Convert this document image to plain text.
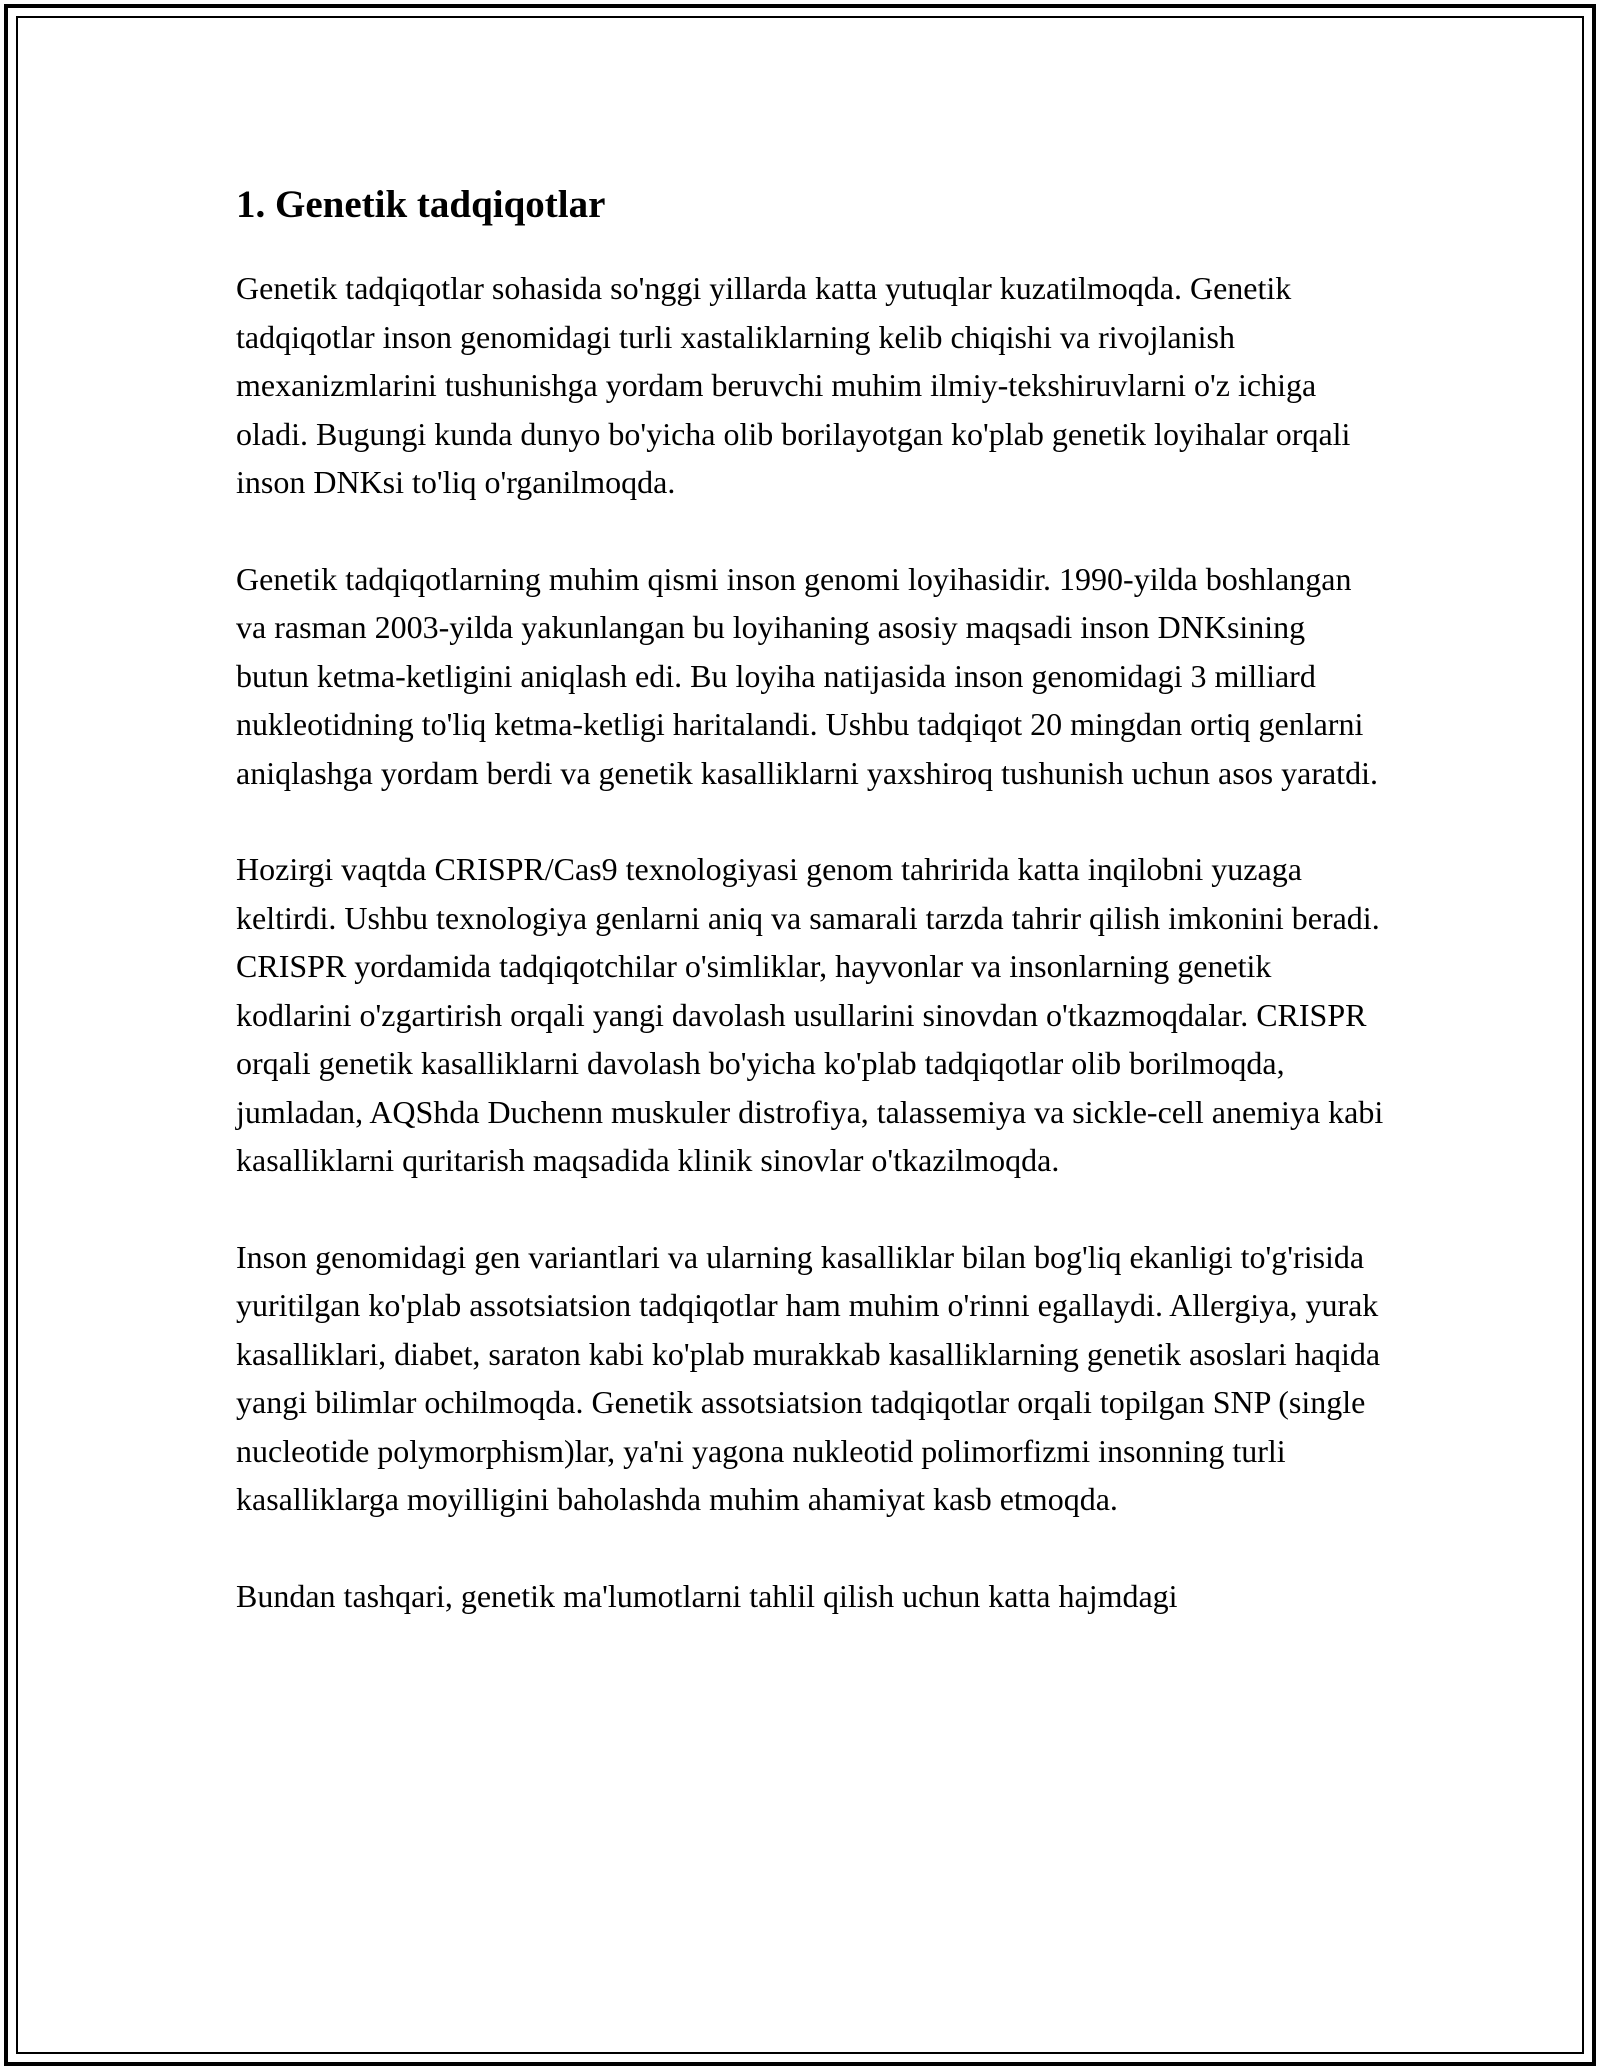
1. Genetik tadqiqotlar

Genetik tadqiqotlar sohasida so'nggi yillarda katta yutuqlar kuzatilmoqda. Genetik tadqiqotlar inson genomidagi turli xastaliklarning kelib chiqishi va rivojlanish mexanizmlarini tushunishga yordam beruvchi muhim ilmiy-tekshiruvlarni o'z ichiga oladi. Bugungi kunda dunyo bo'yicha olib borilayotgan ko'plab genetik loyihalar orqali inson DNKsi to'liq o'rganilmoqda.

Genetik tadqiqotlarning muhim qismi inson genomi loyihasidir. 1990-yilda boshlangan va rasman 2003-yilda yakunlangan bu loyihaning asosiy maqsadi inson DNKsining butun ketma-ketligini aniqlash edi. Bu loyiha natijasida inson genomidagi 3 milliard nukleotidning to'liq ketma-ketligi haritalandi. Ushbu tadqiqot 20 mingdan ortiq genlarni aniqlashga yordam berdi va genetik kasalliklarni yaxshiroq tushunish uchun asos yaratdi.

Hozirgi vaqtda CRISPR/Cas9 texnologiyasi genom tahririda katta inqilobni yuzaga keltirdi. Ushbu texnologiya genlarni aniq va samarali tarzda tahrir qilish imkonini beradi. CRISPR yordamida tadqiqotchilar o'simliklar, hayvonlar va insonlarning genetik kodlarini o'zgartirish orqali yangi davolash usullarini sinovdan o'tkazmoqdalar. CRISPR orqali genetik kasalliklarni davolash bo'yicha ko'plab tadqiqotlar olib borilmoqda, jumladan, AQShda Duchenn muskuler distrofiya, talassemiya va sickle-cell anemiya kabi kasalliklarni quritarish maqsadida klinik sinovlar o'tkazilmoqda.

Inson genomidagi gen variantlari va ularning kasalliklar bilan bog'liq ekanligi to'g'risida yuritilgan ko'plab assotsiatsion tadqiqotlar ham muhim o'rinni egallaydi. Allergiya, yurak kasalliklari, diabet, saraton kabi ko'plab murakkab kasalliklarning genetik asoslari haqida yangi bilimlar ochilmoqda. Genetik assotsiatsion tadqiqotlar orqali topilgan SNP (single nucleotide polymorphism)lar, ya'ni yagona nukleotid polimorfizmi insonning turli kasalliklarga moyilligini baholashda muhim ahamiyat kasb etmoqda.

Bundan tashqari, genetik ma'lumotlarni tahlil qilish uchun katta hajmdagi
